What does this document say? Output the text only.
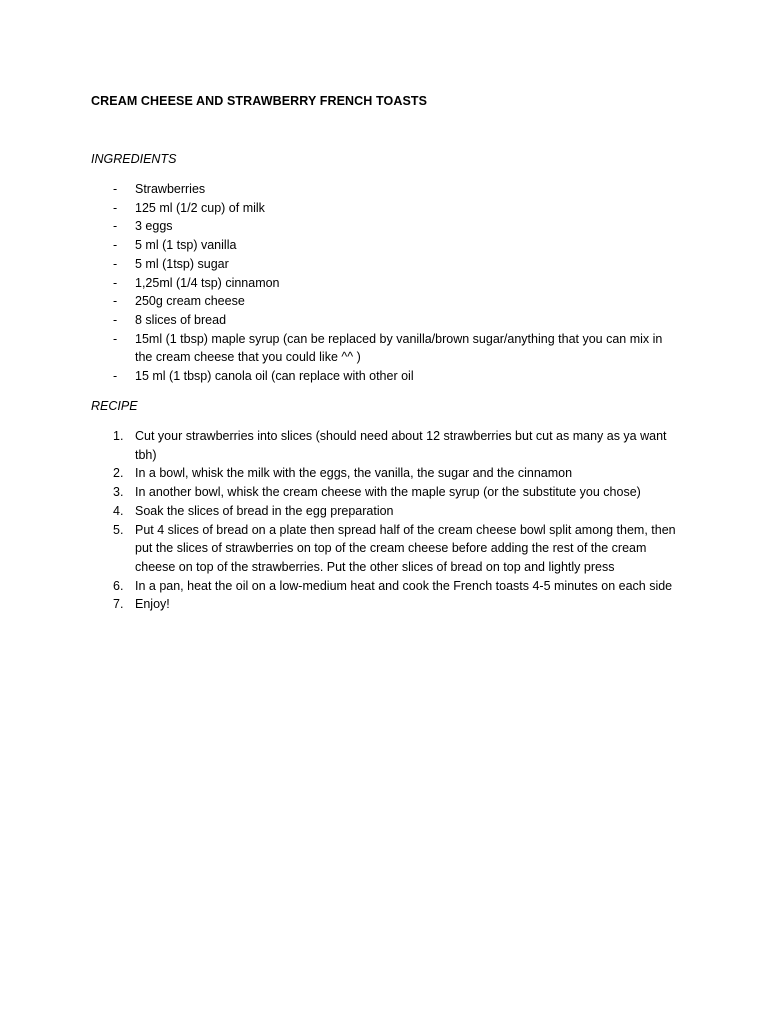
CREAM CHEESE AND STRAWBERRY FRENCH TOASTS
INGREDIENTS
- Strawberries
- 125 ml (1/2 cup) of milk
- 3 eggs
- 5 ml (1 tsp) vanilla
- 5 ml (1tsp) sugar
- 1,25ml (1/4 tsp) cinnamon
- 250g cream cheese
- 8 slices of bread
- 15ml (1 tbsp) maple syrup (can be replaced by vanilla/brown sugar/anything that you can mix in the cream cheese that you could like ^^ )
- 15 ml (1 tbsp) canola oil (can replace with other oil
RECIPE
1. Cut your strawberries into slices (should need about 12 strawberries but cut as many as ya want tbh)
2. In a bowl, whisk the milk with the eggs, the vanilla, the sugar and the cinnamon
3. In another bowl, whisk the cream cheese with the maple syrup (or the substitute you chose)
4. Soak the slices of bread in the egg preparation
5. Put 4 slices of bread on a plate then spread half of the cream cheese bowl split among them, then put the slices of strawberries on top of the cream cheese before adding the rest of the cream cheese on top of the strawberries. Put the other slices of bread on top and lightly press
6. In a pan, heat the oil on a low-medium heat and cook the French toasts 4-5 minutes on each side
7. Enjoy!
